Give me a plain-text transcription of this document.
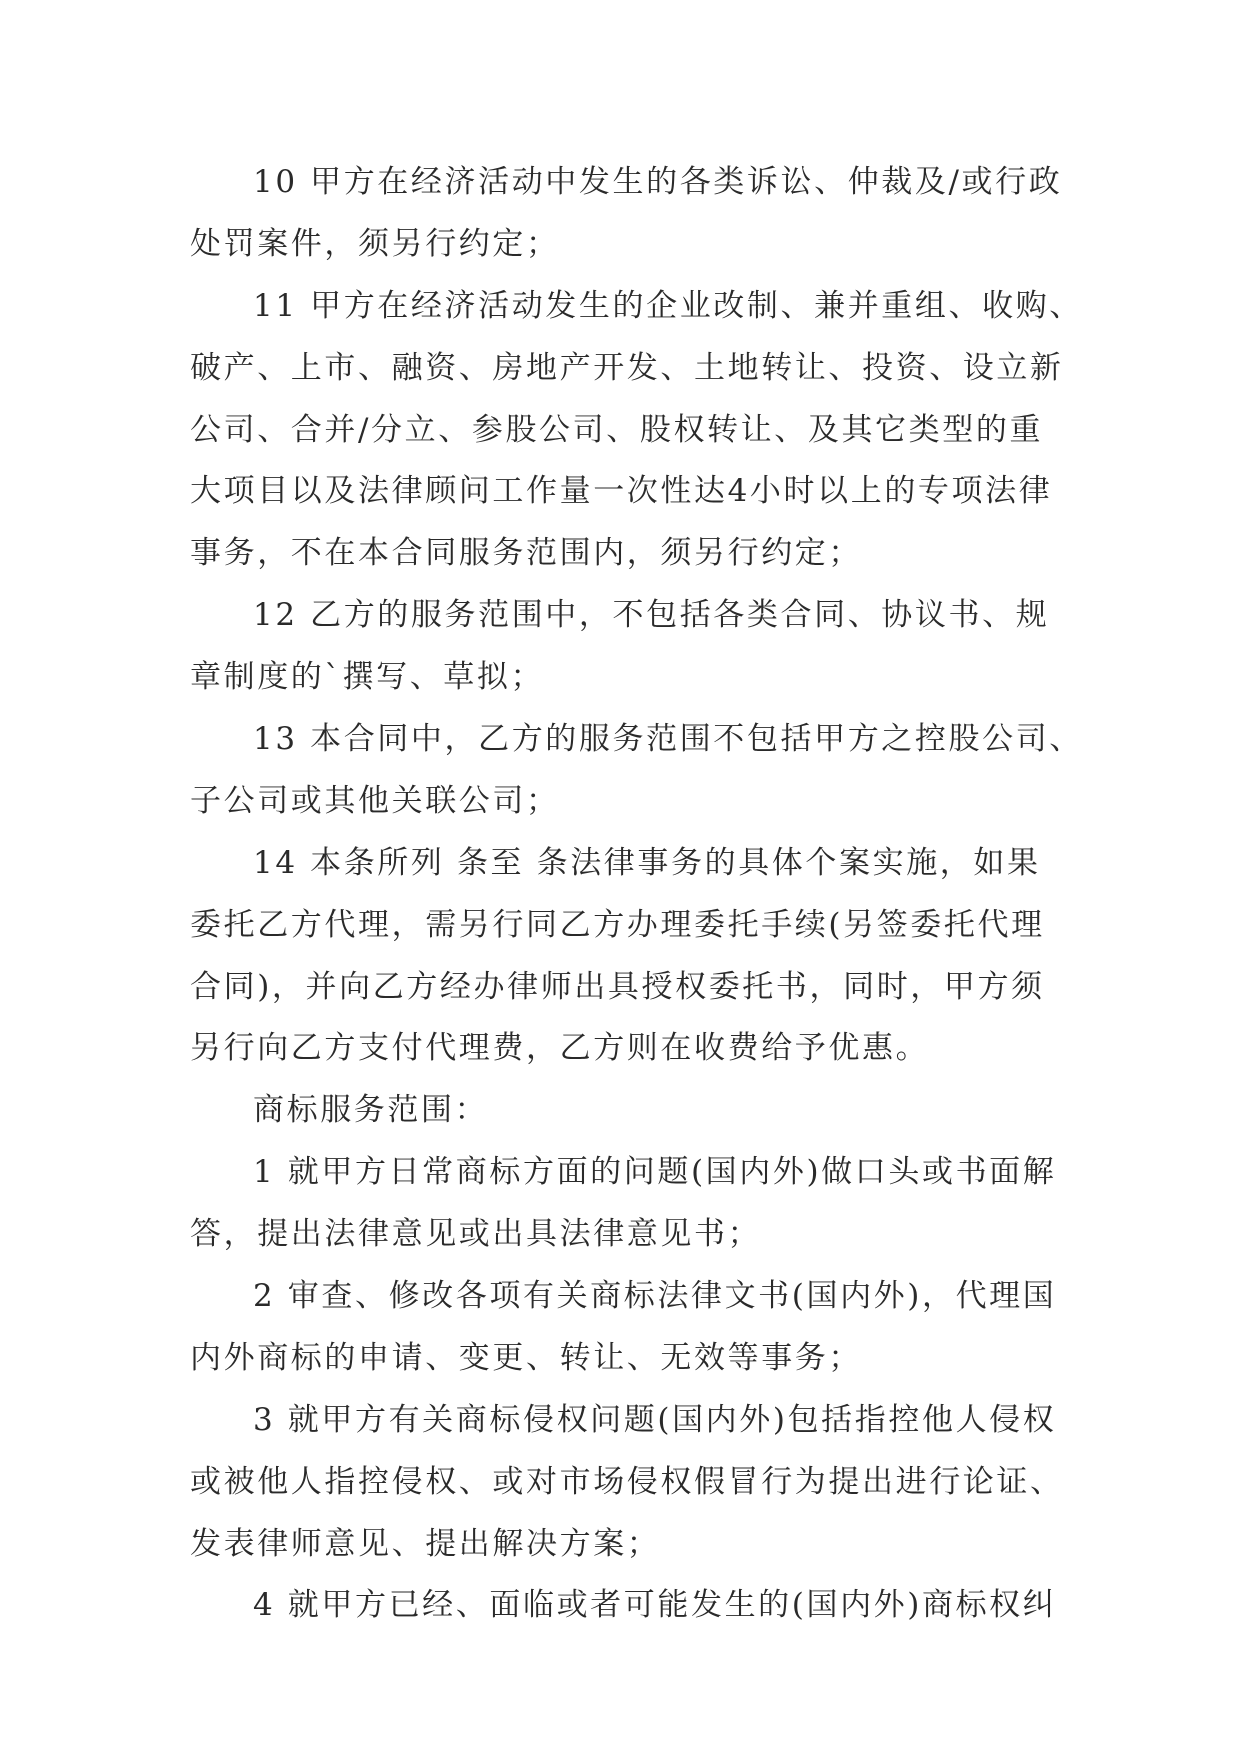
10 甲方在经济活动中发生的各类诉讼、仲裁及/或行政
处罚案件，须另行约定；
11 甲方在经济活动发生的企业改制、兼并重组、收购、
破产、上市、融资、房地产开发、土地转让、投资、设立新
公司、合并/分立、参股公司、股权转让、及其它类型的重
大项目以及法律顾问工作量一次性达4小时以上的专项法律
事务，不在本合同服务范围内，须另行约定；
12 乙方的服务范围中，不包括各类合同、协议书、规
章制度的`撰写、草拟；
13 本合同中，乙方的服务范围不包括甲方之控股公司、
子公司或其他关联公司；
14 本条所列 条至 条法律事务的具体个案实施，如果
委托乙方代理，需另行同乙方办理委托手续(另签委托代理
合同)，并向乙方经办律师出具授权委托书，同时，甲方须
另行向乙方支付代理费，乙方则在收费给予优惠。
商标服务范围：
1 就甲方日常商标方面的问题(国内外)做口头或书面解
答，提出法律意见或出具法律意见书；
2 审查、修改各项有关商标法律文书(国内外)，代理国
内外商标的申请、变更、转让、无效等事务；
3 就甲方有关商标侵权问题(国内外)包括指控他人侵权
或被他人指控侵权、或对市场侵权假冒行为提出进行论证、
发表律师意见、提出解决方案；
4 就甲方已经、面临或者可能发生的(国内外)商标权纠
